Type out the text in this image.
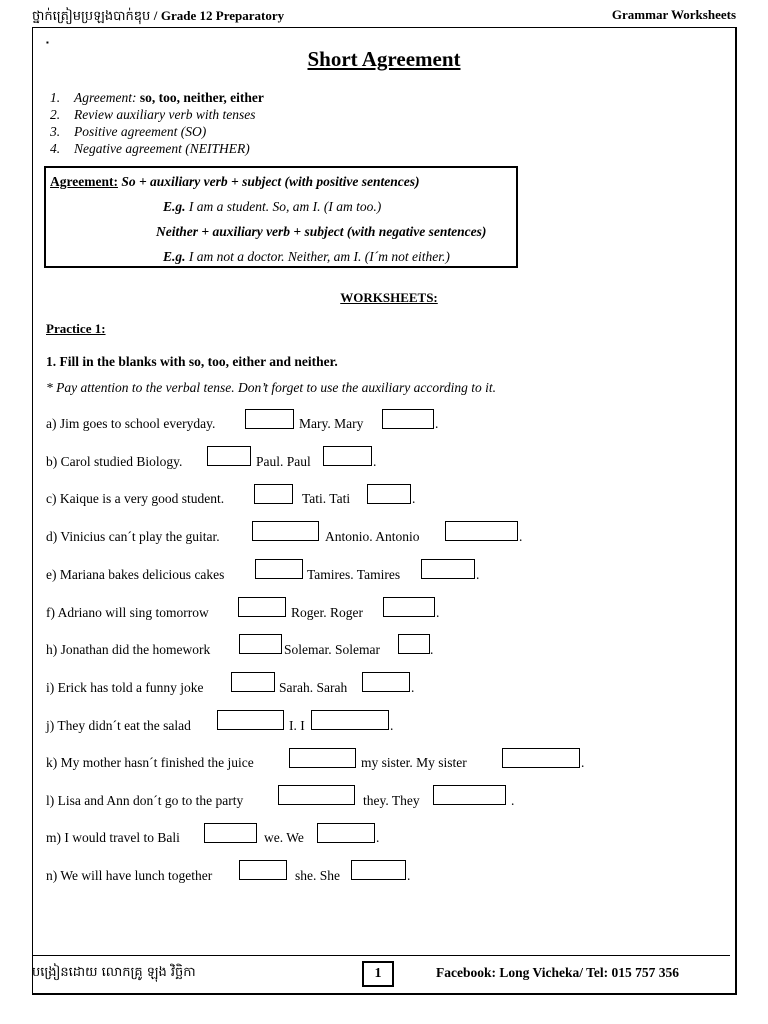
ថ្នាក់ត្រៀមប្រឡងបាក់ឌុប / Grade 12 Preparatory	Grammar Worksheets
▪
Short Agreement
1. Agreement: so, too, neither, either
2. Review auxiliary verb with tenses
3. Positive agreement (SO)
4. Negative agreement (NEITHER)
Agreement: So + auxiliary verb + subject (with positive sentences)
E.g. I am a student. So, am I. (I am too.)
Neither + auxiliary verb + subject (with negative sentences)
E.g. I am not a doctor. Neither, am I. (I´m not either.)
WORKSHEETS:
Practice 1:
1. Fill in the blanks with so, too, either and neither.
* Pay attention to the verbal tense. Don’t forget to use the auxiliary according to it.
a) Jim goes to school everyday.	Mary. Mary	.
b) Carol studied Biology.	Paul. Paul	.
c) Kaique is a very good student.	Tati. Tati	.
d) Vinicius can´t play the guitar.	Antonio. Antonio	.
e) Mariana bakes delicious cakes	Tamires. Tamires	.
f) Adriano will sing tomorrow	Roger. Roger	.
h) Jonathan did the homework	Solemar. Solemar	.
i) Erick has told a funny joke	Sarah. Sarah	.
j) They didn´t eat the salad	I. I	.
k) My mother hasn´t finished the juice	my sister. My sister	.
l) Lisa and Ann don´t go to the party	they. They	.
m) I would travel to Bali	we. We	.
n) We will have lunch together	she. She	.
បង្រៀនដោយ លោកគ្រូ ឡុង វិច្ឆិកា	1	Facebook: Long Vicheka/ Tel: 015 757 356
